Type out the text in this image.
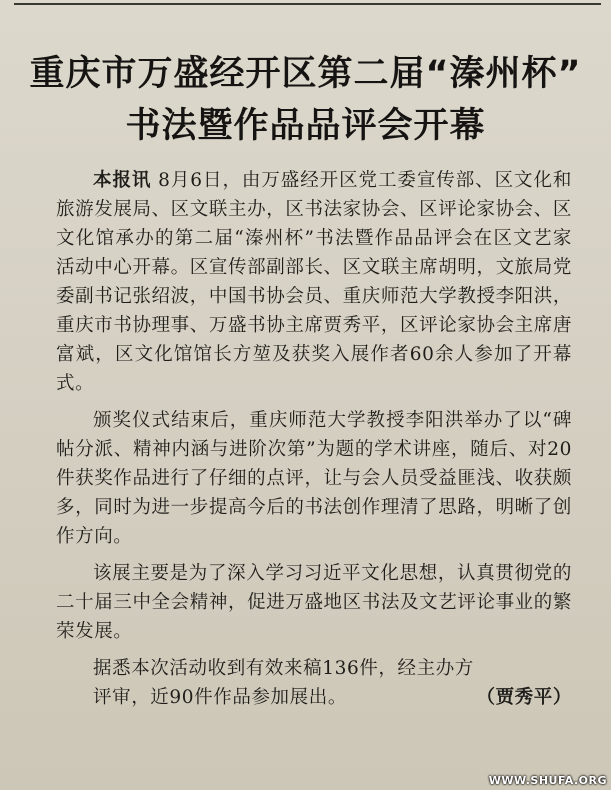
重庆市万盛经开区第二届“溱州杯”
书法暨作品品评会开幕

本报讯 8月6日，由万盛经开区党工委宣传部、区文化和旅游发展局、区文联主办，区书法家协会、区评论家协会、区文化馆承办的第二届“溱州杯”书法暨作品品评会在区文艺家活动中心开幕。区宣传部副部长、区文联主席胡明，文旅局党委副书记张绍波，中国书协会员、重庆师范大学教授李阳洪，重庆市书协理事、万盛书协主席贾秀平，区评论家协会主席唐富斌，区文化馆馆长方堃及获奖入展作者60余人参加了开幕式。

颁奖仪式结束后，重庆师范大学教授李阳洪举办了以“碑帖分派、精神内涵与进阶次第”为题的学术讲座，随后、对20件获奖作品进行了仔细的点评，让与会人员受益匪浅、收获颇多，同时为进一步提高今后的书法创作理清了思路，明晰了创作方向。

该展主要是为了深入学习习近平文化思想，认真贯彻党的二十届三中全会精神，促进万盛地区书法及文艺评论事业的繁荣发展。

据悉本次活动收到有效来稿136件，经主办方

评审，近90件作品参加展出。	（贾秀平）

WWW.SHUFA.ORG
